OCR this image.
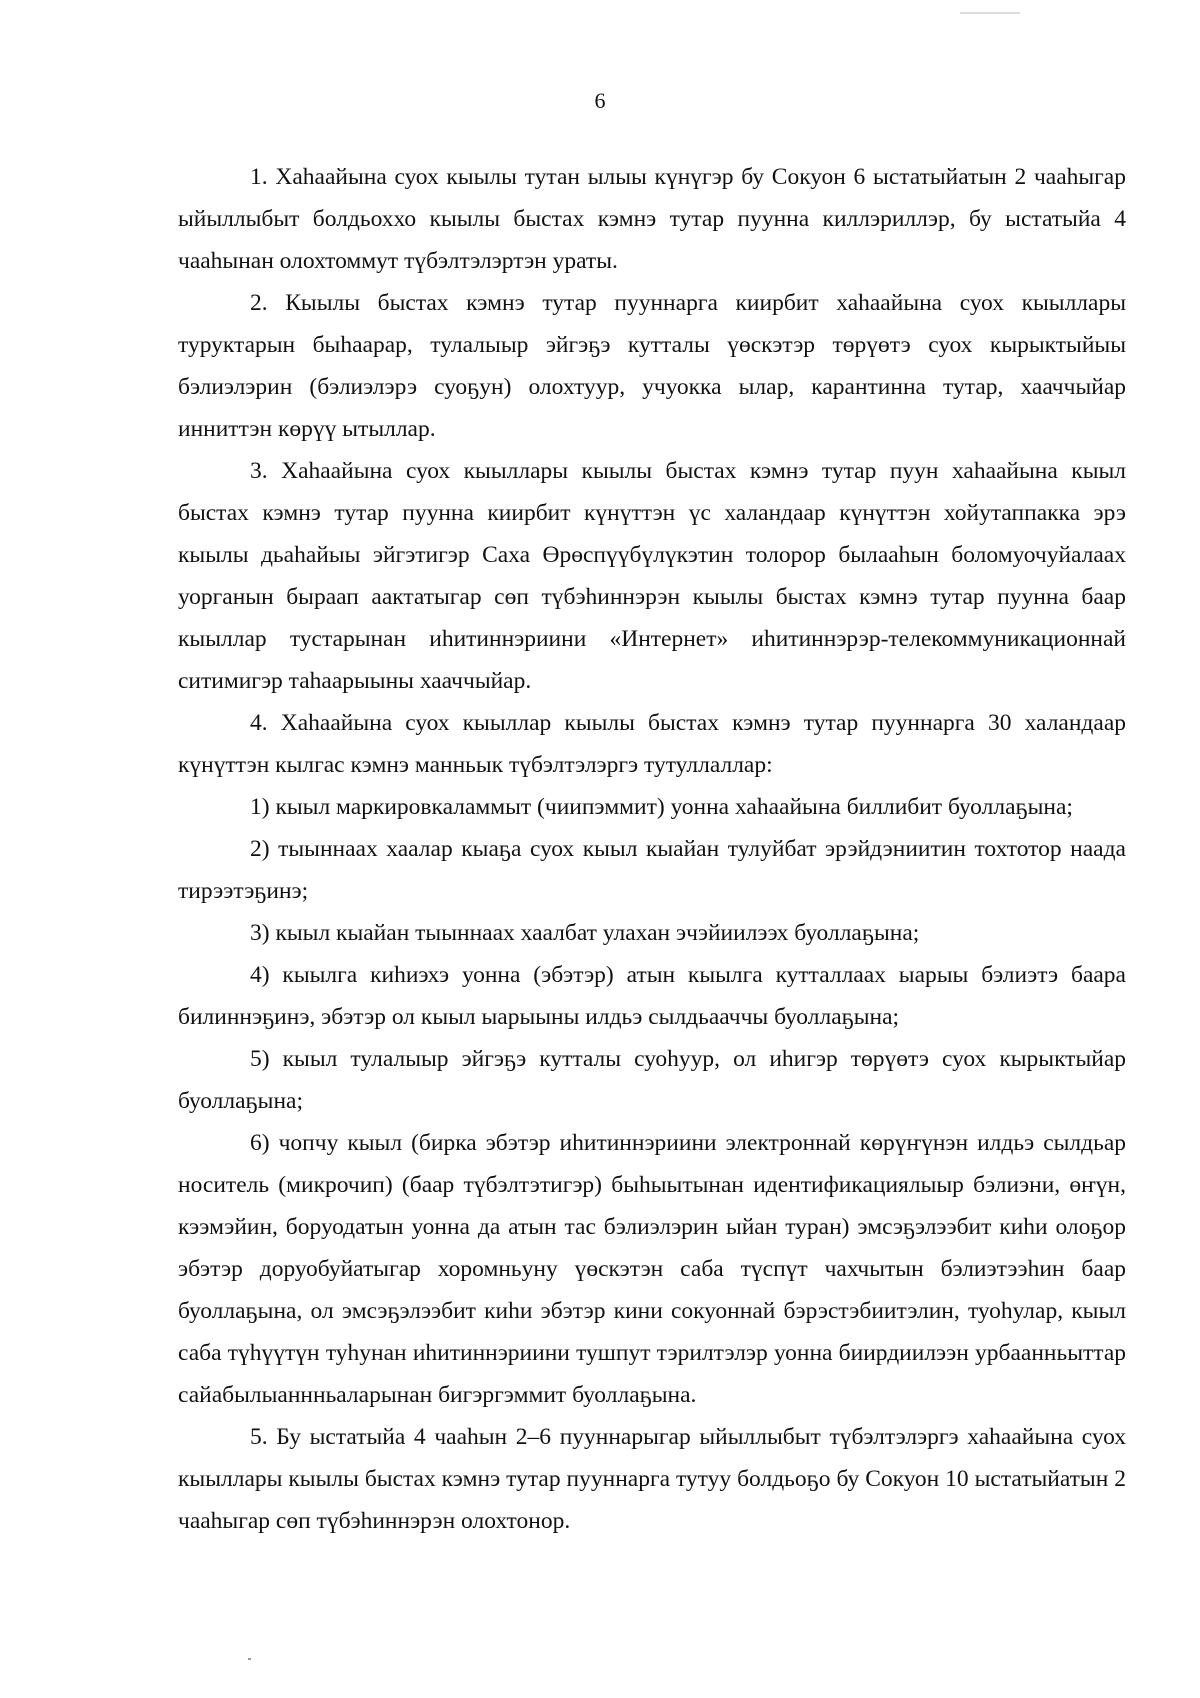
6

1. Хаһаайына суох кыылы тутан ылыы күнүгэр бу Сокуон 6 ыстатыйатын 2 чааһыгар ыйыллыбыт болдьоххо кыылы быстах кэмнэ тутар пуунна киллэриллэр, бу ыстатыйа 4 чааһынан олохтоммут түбэлтэлэртэн ураты.

2. Кыылы быстах кэмнэ тутар пууннарга киирбит хаһаайына суох кыыллары туруктарын быһаарар, тулалыыр эйгэҕэ кутталы үөскэтэр төрүөтэ суох кырыктыйыы бэлиэлэрин (бэлиэлэрэ суоҕун) олохтуур, учуокка ылар, карантинна тутар, хааччыйар инниттэн көрүү ытыллар.

3. Хаһаайына суох кыыллары кыылы быстах кэмнэ тутар пуун хаһаайына кыыл быстах кэмнэ тутар пуунна киирбит күнүттэн үс халандаар күнүттэн хойутаппакка эрэ кыылы дьаһайыы эйгэтигэр Саха Өрөспүүбүлүкэтин толорор былааһын боломуочуйалаах уорганын быраап аактатыгар сөп түбэһиннэрэн кыылы быстах кэмнэ тутар пуунна баар кыыллар тустарынан иһитиннэриини «Интернет» иһитиннэрэр-телекоммуникационнай ситимигэр таһаарыыны хааччыйар.

4. Хаһаайына суох кыыллар кыылы быстах кэмнэ тутар пууннарга 30 халандаар күнүттэн кылгас кэмнэ манньык түбэлтэлэргэ тутуллаллар:

1) кыыл маркировкаламмыт (чиипэммит) уонна хаһаайына биллибит буоллаҕына;

2) тыыннаах хаалар кыаҕа суох кыыл кыайан тулуйбат эрэйдэниитин тохтотор наада тирээтэҕинэ;

3) кыыл кыайан тыыннаах хаалбат улахан эчэйиилээх буоллаҕына;

4) кыылга киһиэхэ уонна (эбэтэр) атын кыылга кутталлаах ыарыы бэлиэтэ баара билиннэҕинэ, эбэтэр ол кыыл ыарыыны илдьэ сылдьааччы буоллаҕына;

5) кыыл тулалыыр эйгэҕэ кутталы суоһуур, ол иһигэр төрүөтэ суох кырыктыйар буоллаҕына;

6) чопчу кыыл (бирка эбэтэр иһитиннэриини электроннай көрүҥүнэн илдьэ сылдьар носитель (микрочип) (баар түбэлтэтигэр) быһыытынан идентификациялыыр бэлиэни, өҥүн, кээмэйин, боруодатын уонна да атын тас бэлиэлэрин ыйан туран) эмсэҕэлээбит киһи олоҕор эбэтэр доруобуйатыгар хоромньуну үөскэтэн саба түспүт чахчытын бэлиэтээһин баар буоллаҕына, ол эмсэҕэлээбит киһи эбэтэр кини сокуоннай бэрэстэбиитэлин, туоһулар, кыыл саба түһүүтүн туһунан иһитиннэриини тушпут тэрилтэлэр уонна биирдиилээн урбаанньыттар сайабылыаннньаларынан бигэргэммит буоллаҕына.

5. Бу ыстатыйа 4 чааһын 2–6 пууннарыгар ыйыллыбыт түбэлтэлэргэ хаһаайына суох кыыллары кыылы быстах кэмнэ тутар пууннарга тутуу болдьоҕо бу Сокуон 10 ыстатыйатын 2 чааһыгар сөп түбэһиннэрэн олохтонор.
